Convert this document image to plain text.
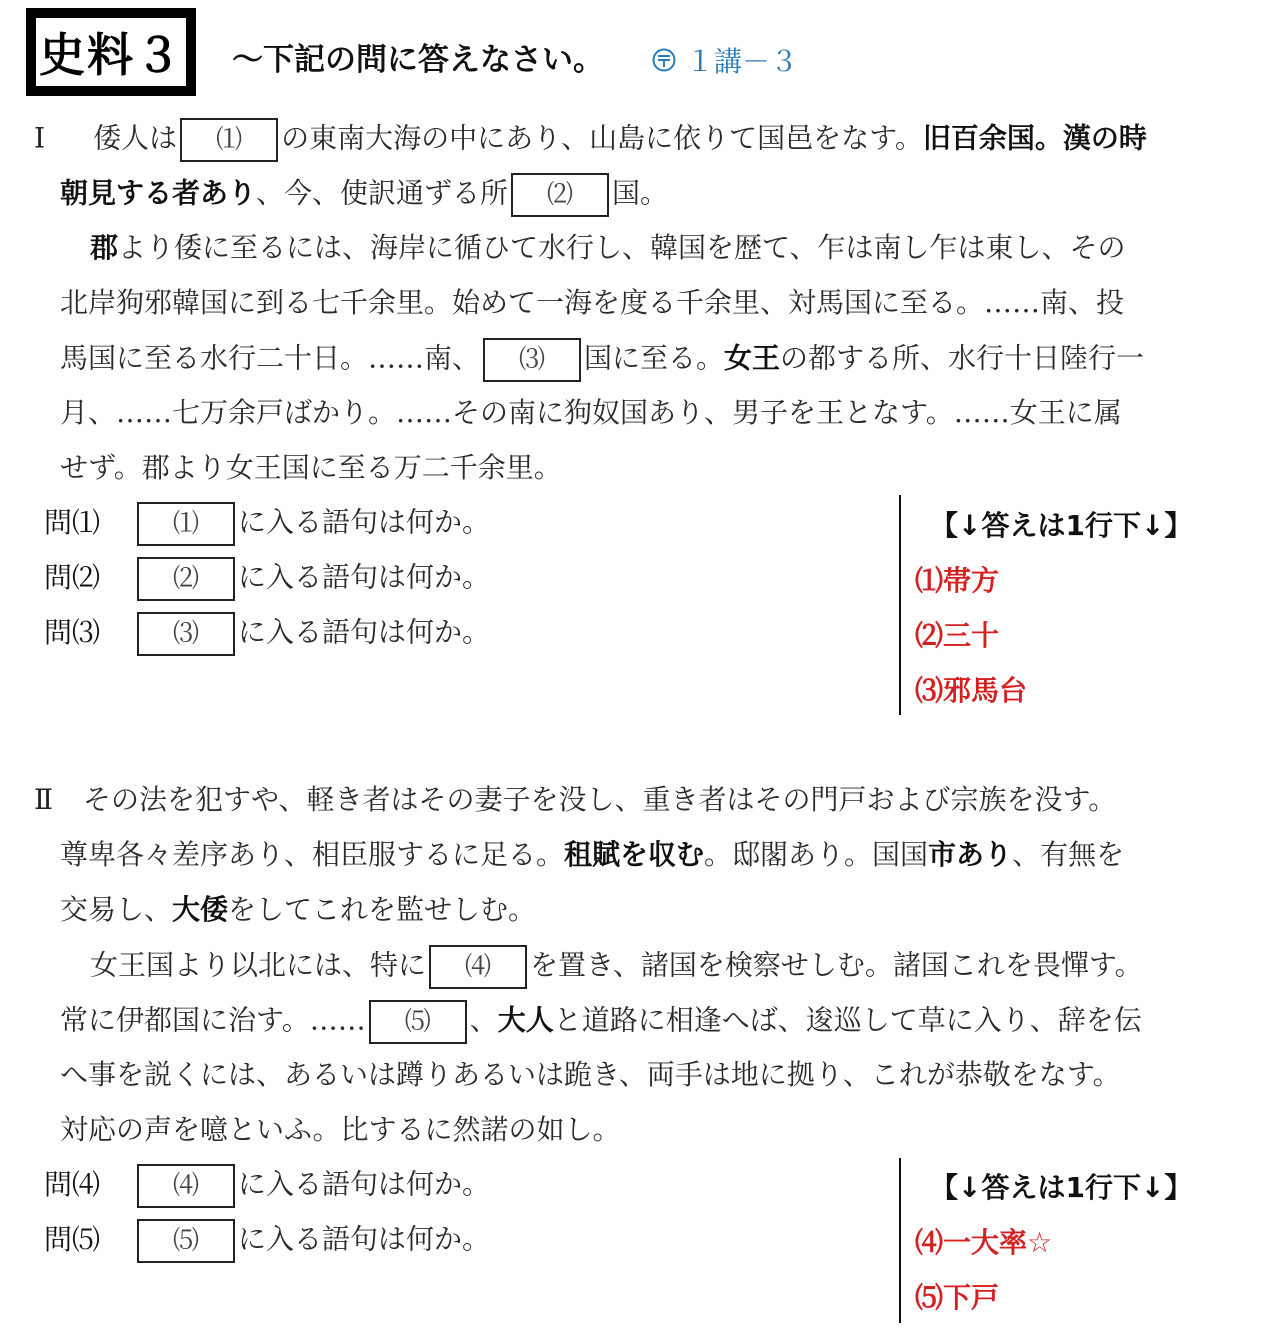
史料３ ～下記の問に答えなさい。	１講－３
Ⅰ 倭人は ⑴ の東南大海の中にあり、山島に依りて国邑をなす。旧百余国。漢の時
朝見する者あり、今、使訳通ずる所 ⑵ 国。
郡より倭に至るには、海岸に循ひて水行し、韓国を歴て、乍は南し乍は東し、その
北岸狗邪韓国に到る七千余里。始めて一海を度る千余里、対馬国に至る。……南、投
馬国に至る水行二十日。……南、 ⑶ 国に至る。女王の都する所、水行十日陸行一
月、……七万余戸ばかり。……その南に狗奴国あり、男子を王となす。……女王に属
せず。郡より女王国に至る万二千余里。
問⑴	⑴ に入る語句は何か。
問⑵	⑵ に入る語句は何か。
問⑶	⑶ に入る語句は何か。
【↓答えは1行下↓】
⑴帯方
⑵三十
⑶邪馬台
Ⅱ その法を犯すや、軽き者はその妻子を没し、重き者はその門戸および宗族を没す。
尊卑各々差序あり、相臣服するに足る。租賦を収む。邸閣あり。国国市あり、有無を
交易し、大倭をしてこれを監せしむ。
女王国より以北には、特に ⑷ を置き、諸国を検察せしむ。諸国これを畏憚す。
常に伊都国に治す。…… ⑸ 、大人と道路に相逢へば、逡巡して草に入り、辞を伝
へ事を説くには、あるいは蹲りあるいは跪き、両手は地に拠り、これが恭敬をなす。
対応の声を噫といふ。比するに然諾の如し。
問⑷	⑷ に入る語句は何か。
問⑸	⑸ に入る語句は何か。
【↓答えは1行下↓】
⑷一大率☆
⑸下戸
